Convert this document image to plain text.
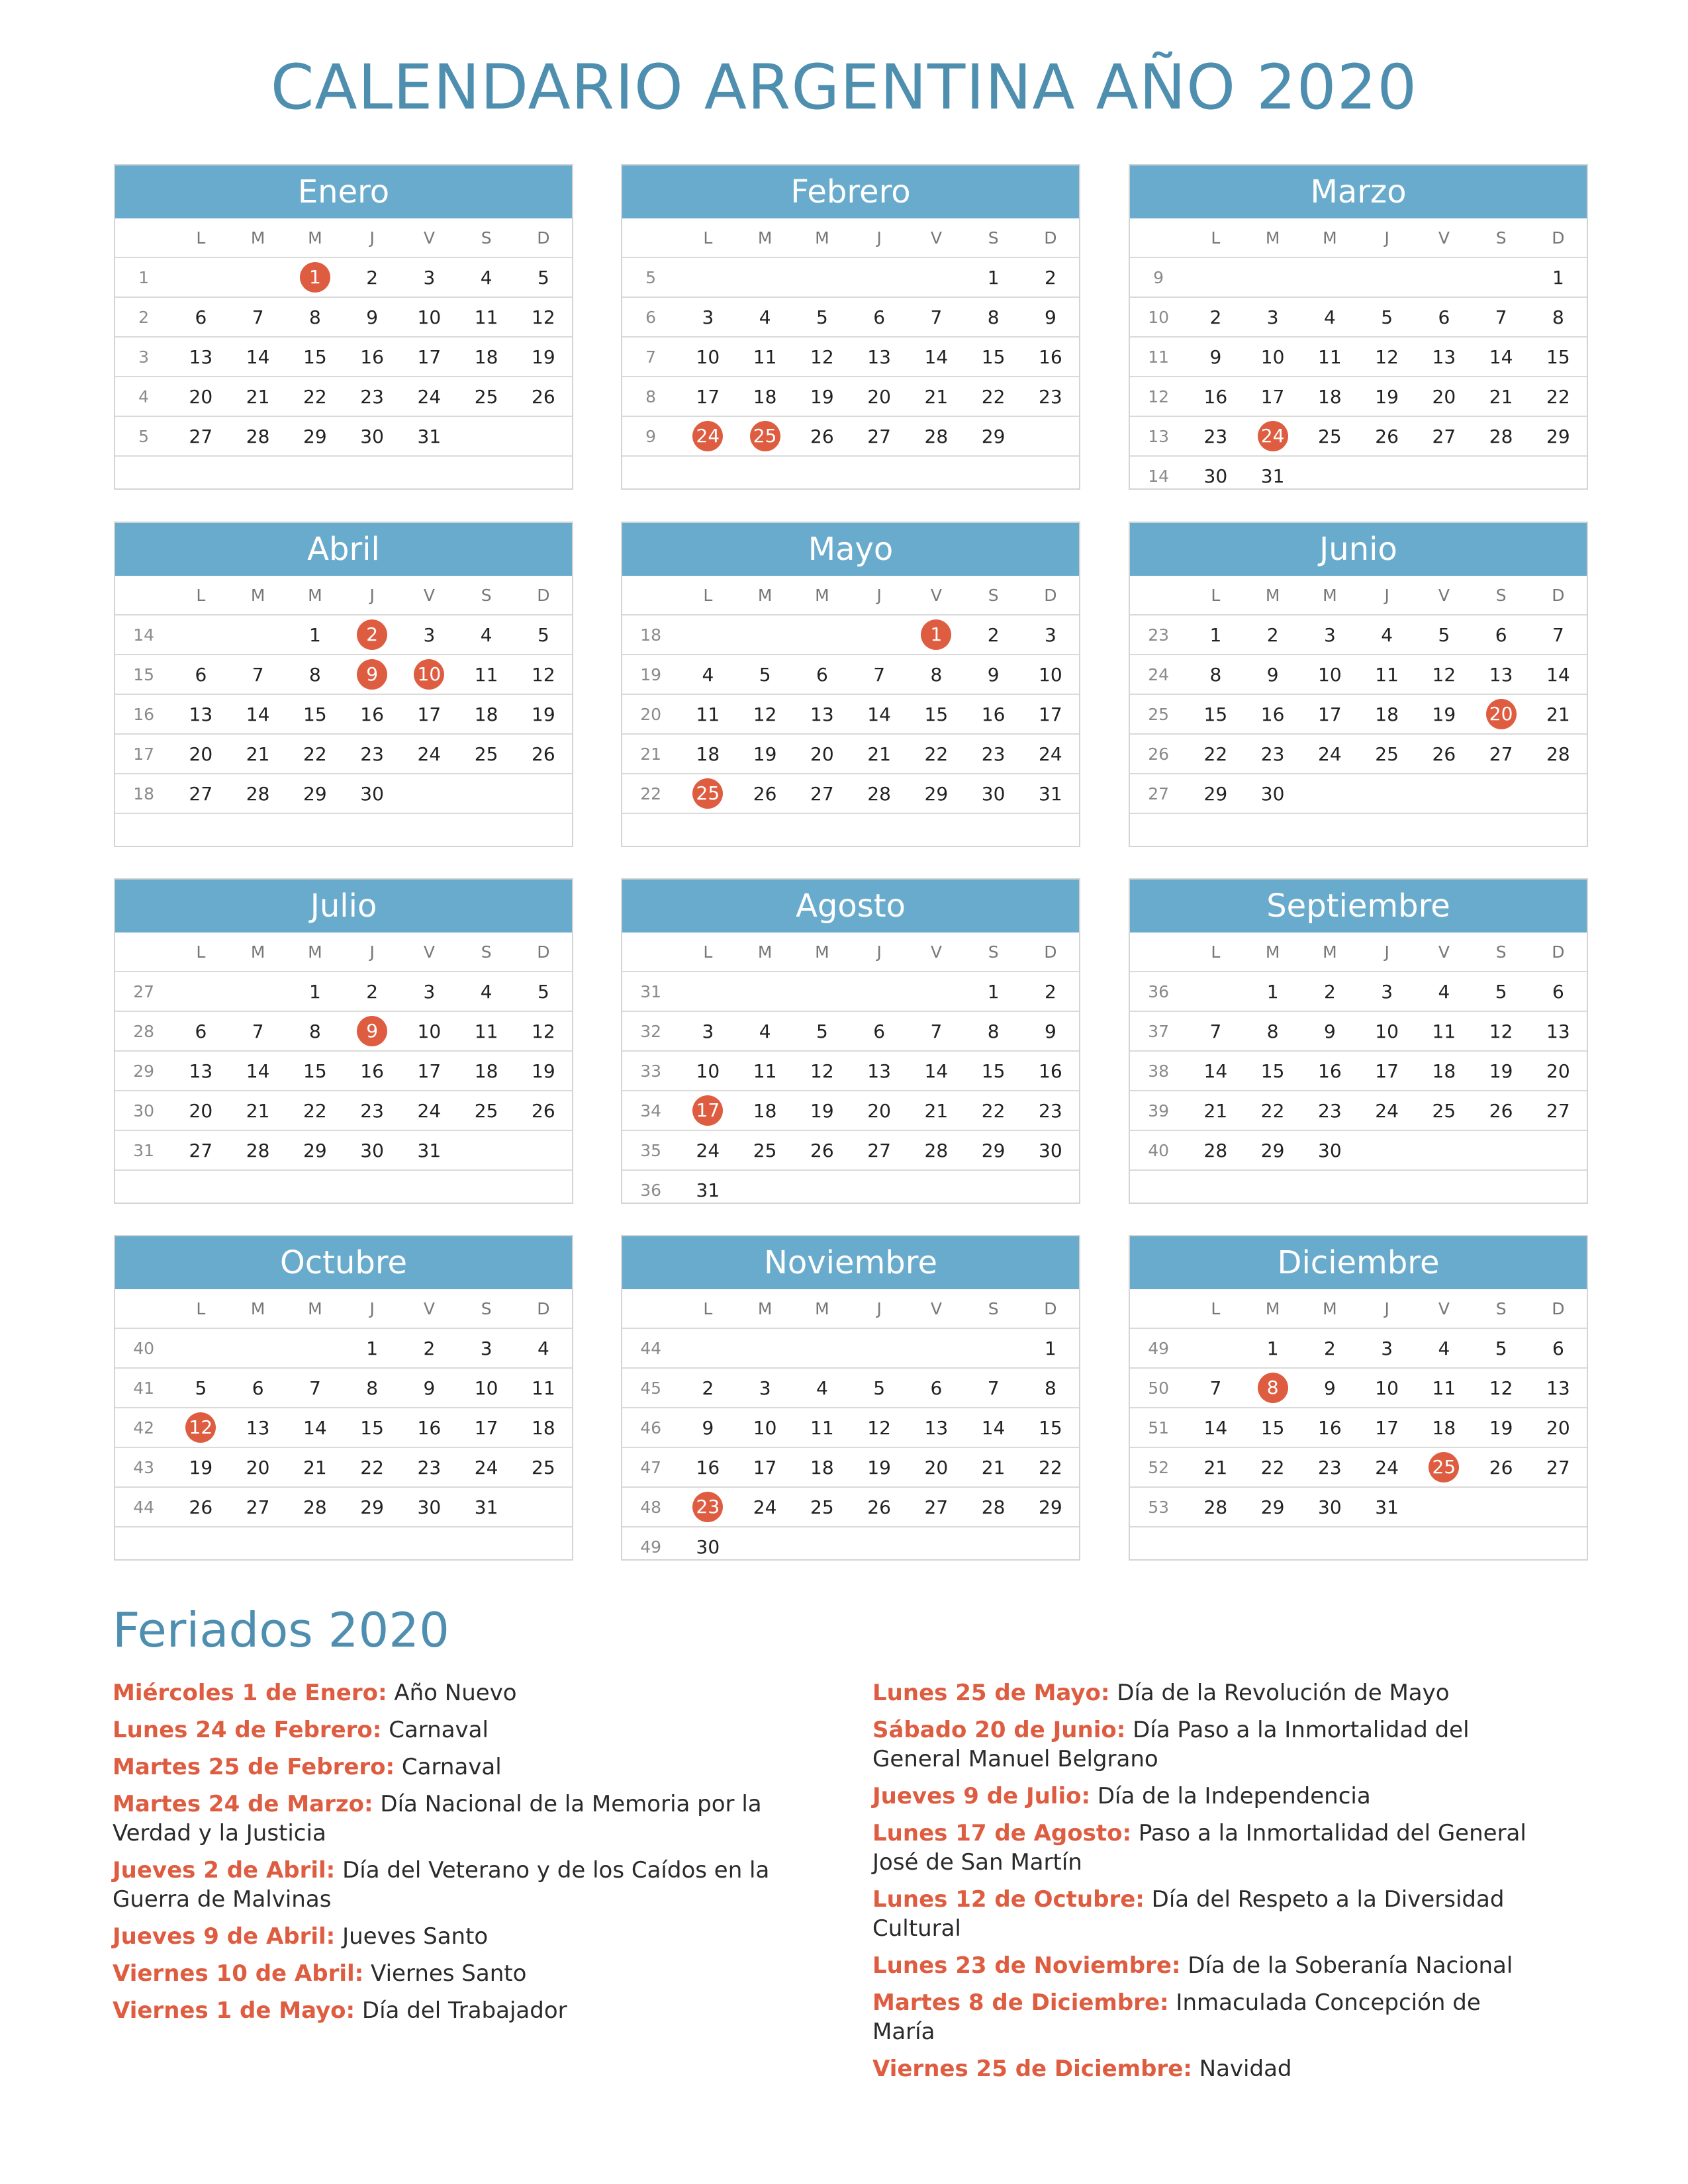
CALENDARIO ARGENTINA AÑO 2020
Enero
	L	M	M	J	V	S	D
1			1	2	3	4	5
2	6	7	8	9	10	11	12
3	13	14	15	16	17	18	19
4	20	21	22	23	24	25	26
5	27	28	29	30	31		

Febrero
	L	M	M	J	V	S	D
5						1	2
6	3	4	5	6	7	8	9
7	10	11	12	13	14	15	16
8	17	18	19	20	21	22	23
9	24	25	26	27	28	29	

Marzo
	L	M	M	J	V	S	D
9							1
10	2	3	4	5	6	7	8
11	9	10	11	12	13	14	15
12	16	17	18	19	20	21	22
13	23	24	25	26	27	28	29
14	30	31					
Abril
	L	M	M	J	V	S	D
14			1	2	3	4	5
15	6	7	8	9	10	11	12
16	13	14	15	16	17	18	19
17	20	21	22	23	24	25	26
18	27	28	29	30			

Mayo
	L	M	M	J	V	S	D
18					1	2	3
19	4	5	6	7	8	9	10
20	11	12	13	14	15	16	17
21	18	19	20	21	22	23	24
22	25	26	27	28	29	30	31

Junio
	L	M	M	J	V	S	D
23	1	2	3	4	5	6	7
24	8	9	10	11	12	13	14
25	15	16	17	18	19	20	21
26	22	23	24	25	26	27	28
27	29	30					

Julio
	L	M	M	J	V	S	D
27			1	2	3	4	5
28	6	7	8	9	10	11	12
29	13	14	15	16	17	18	19
30	20	21	22	23	24	25	26
31	27	28	29	30	31		

Agosto
	L	M	M	J	V	S	D
31						1	2
32	3	4	5	6	7	8	9
33	10	11	12	13	14	15	16
34	17	18	19	20	21	22	23
35	24	25	26	27	28	29	30
36	31						
Septiembre
	L	M	M	J	V	S	D
36		1	2	3	4	5	6
37	7	8	9	10	11	12	13
38	14	15	16	17	18	19	20
39	21	22	23	24	25	26	27
40	28	29	30				

Octubre
	L	M	M	J	V	S	D
40				1	2	3	4
41	5	6	7	8	9	10	11
42	12	13	14	15	16	17	18
43	19	20	21	22	23	24	25
44	26	27	28	29	30	31	

Noviembre
	L	M	M	J	V	S	D
44							1
45	2	3	4	5	6	7	8
46	9	10	11	12	13	14	15
47	16	17	18	19	20	21	22
48	23	24	25	26	27	28	29
49	30						
Diciembre
	L	M	M	J	V	S	D
49		1	2	3	4	5	6
50	7	8	9	10	11	12	13
51	14	15	16	17	18	19	20
52	21	22	23	24	25	26	27
53	28	29	30	31			

Feriados 2020
Miércoles 1 de Enero: Año Nuevo
Lunes 24 de Febrero: Carnaval
Martes 25 de Febrero: Carnaval
Martes 24 de Marzo: Día Nacional de la Memoria por la Verdad y la Justicia
Jueves 2 de Abril: Día del Veterano y de los Caídos en la Guerra de Malvinas
Jueves 9 de Abril: Jueves Santo
Viernes 10 de Abril: Viernes Santo
Viernes 1 de Mayo: Día del Trabajador
Lunes 25 de Mayo: Día de la Revolución de Mayo
Sábado 20 de Junio: Día Paso a la Inmortalidad del General Manuel Belgrano
Jueves 9 de Julio: Día de la Independencia
Lunes 17 de Agosto: Paso a la Inmortalidad del General José de San Martín
Lunes 12 de Octubre: Día del Respeto a la Diversidad Cultural
Lunes 23 de Noviembre: Día de la Soberanía Nacional
Martes 8 de Diciembre: Inmaculada Concepción de María
Viernes 25 de Diciembre: Navidad
